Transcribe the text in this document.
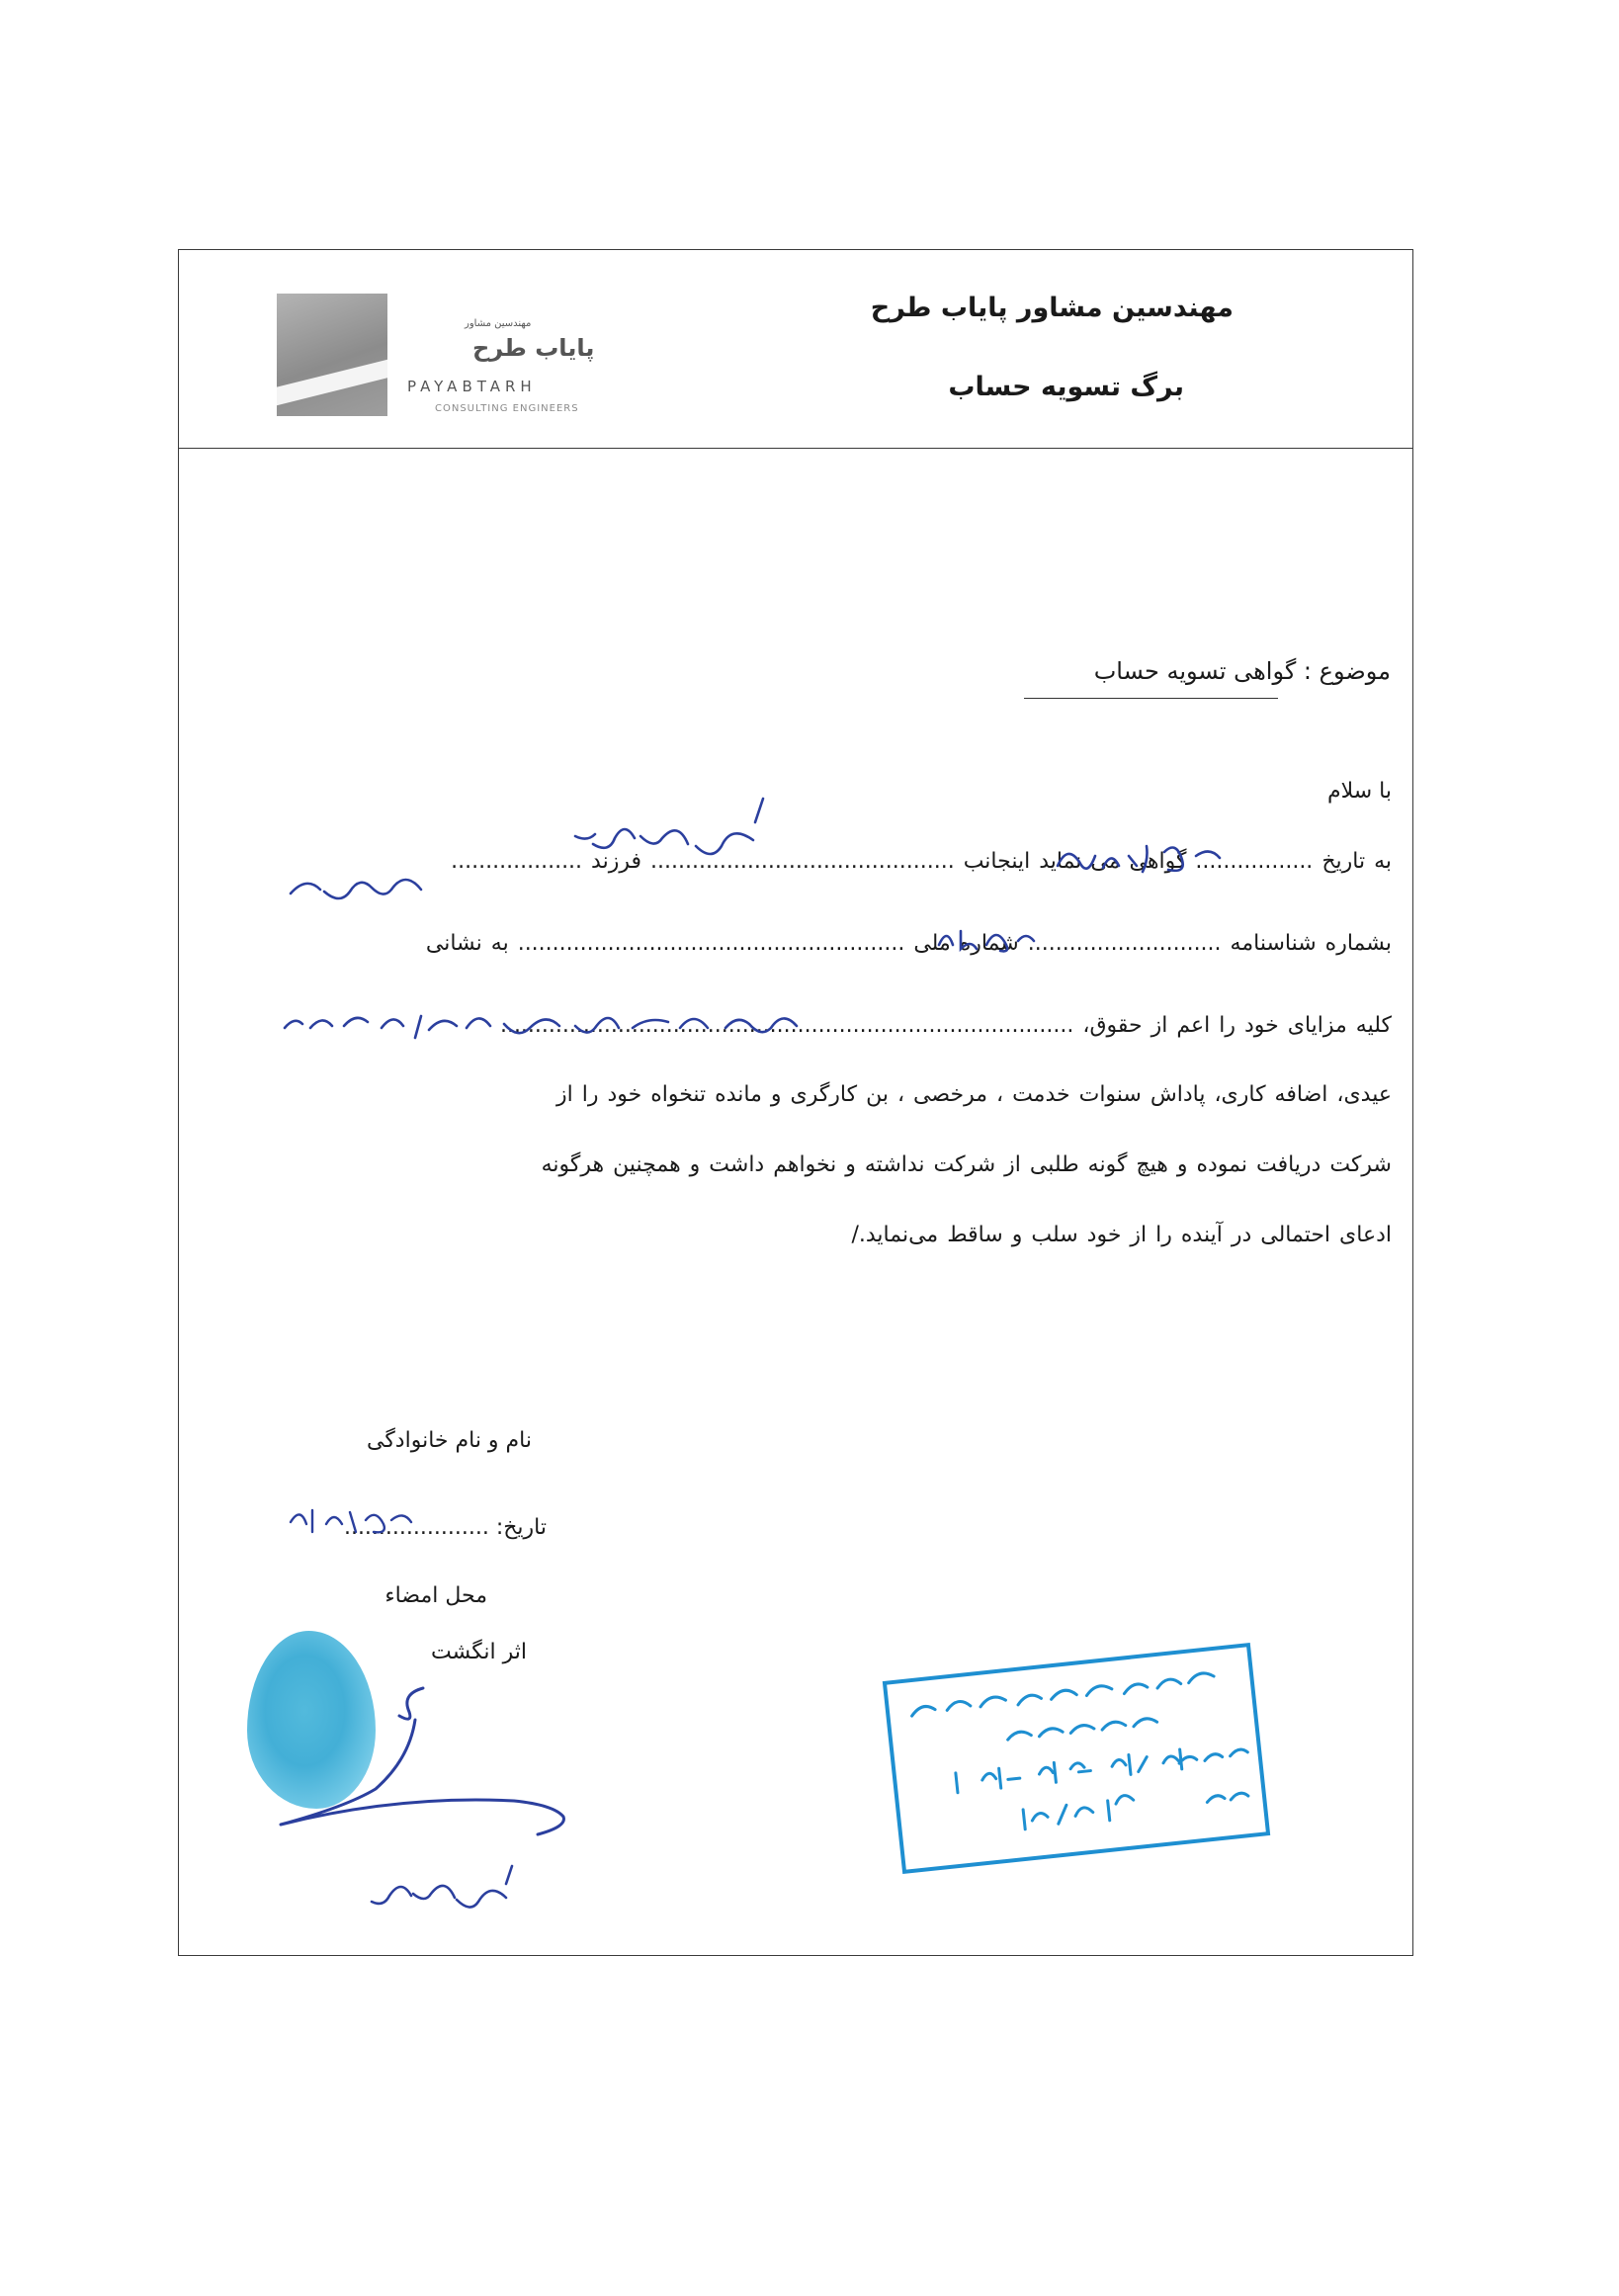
مهندسین مشاور پایاب طرح
برگ تسویه حساب
مهندسین مشاور
پایاب طرح
PAYABTARH
CONSULTING ENGINEERS
موضوع : گواهی تسویه حساب
با سلام
به تاریخ ................. گواهی می نماید اینجانب ............................................ فرزند ...................
بشماره شناسنامه ............................ شماره ملی ........................................................ به نشانی
کلیه مزایای خود را اعم از حقوق، ...................................................................................
عیدی، اضافه کاری، پاداش سنوات خدمت ، مرخصی ، بن کارگری و مانده تنخواه خود را از
شرکت دریافت نموده و هیچ گونه طلبی از شرکت نداشته و نخواهم داشت و همچنین هرگونه
ادعای احتمالی در آینده را از خود سلب و ساقط می‌نماید./
نام و نام خانوادگی
تاریخ: .....................
محل امضاء
اثر انگشت
